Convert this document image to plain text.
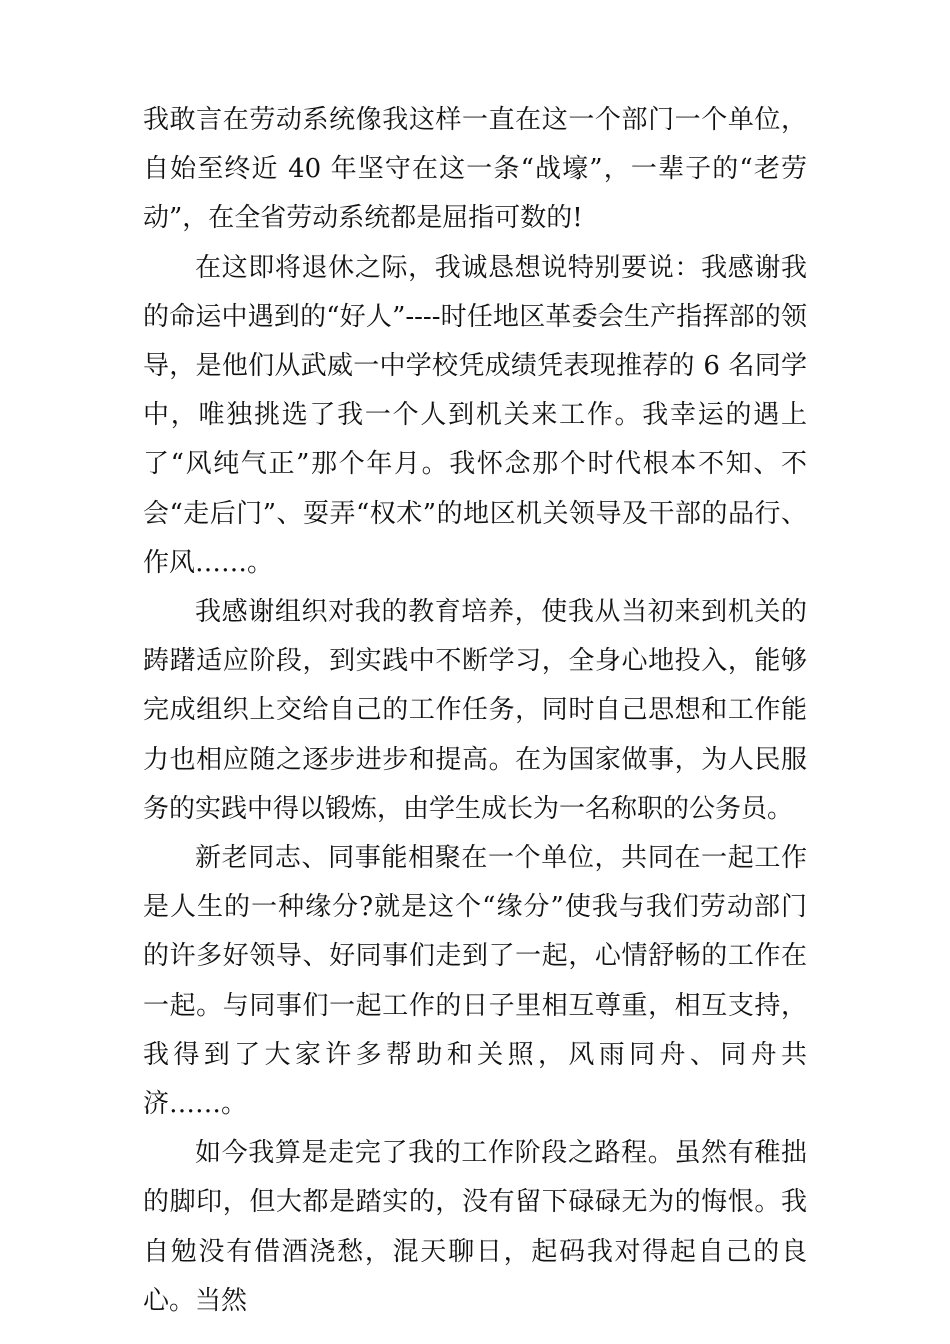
我敢言在劳动系统像我这样一直在这一个部门一个单位，自始至终近 40 年坚守在这一条“战壕”，一辈子的“老劳动”，在全省劳动系统都是屈指可数的!

在这即将退休之际，我诚恳想说特别要说：我感谢我的命运中遇到的“好人”----时任地区革委会生产指挥部的领导，是他们从武威一中学校凭成绩凭表现推荐的 6 名同学中，唯独挑选了我一个人到机关来工作。我幸运的遇上了“风纯气正”那个年月。我怀念那个时代根本不知、不会“走后门”、耍弄“权术”的地区机关领导及干部的品行、作风……。

我感谢组织对我的教育培养，使我从当初来到机关的踌躇适应阶段，到实践中不断学习，全身心地投入，能够完成组织上交给自己的工作任务，同时自己思想和工作能力也相应随之逐步进步和提高。在为国家做事，为人民服务的实践中得以锻炼，由学生成长为一名称职的公务员。

新老同志、同事能相聚在一个单位，共同在一起工作是人生的一种缘分?就是这个“缘分”使我与我们劳动部门的许多好领导、好同事们走到了一起，心情舒畅的工作在一起。与同事们一起工作的日子里相互尊重，相互支持，我得到了大家许多帮助和关照，风雨同舟、同舟共济……。

如今我算是走完了我的工作阶段之路程。虽然有稚拙的脚印，但大都是踏实的，没有留下碌碌无为的悔恨。我自勉没有借酒浇愁，混天聊日，起码我对得起自己的良心。当然
